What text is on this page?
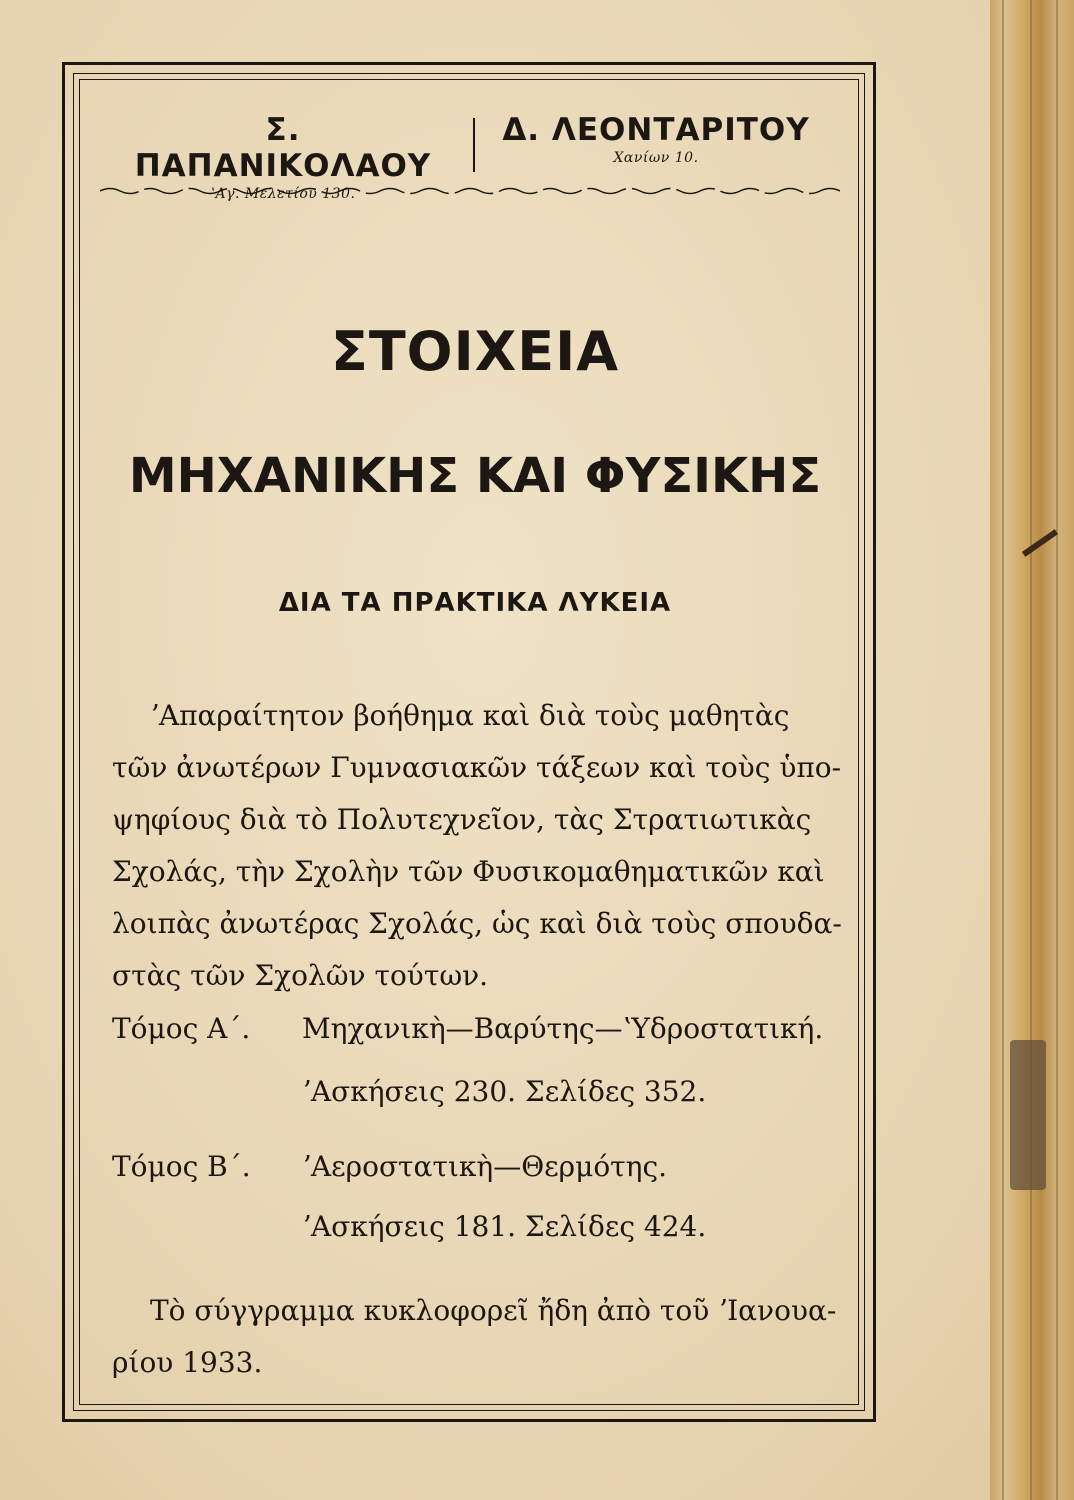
Σ. ΠΑΠΑΝΙΚΟΛΑΟΥ
ʽΑγ. Μελετίου 130.
Δ. ΛΕΟΝΤΑΡΙΤΟΥ
Χανίων 10.
ΣΤΟΙΧΕΙΑ
ΜΗΧΑΝΙΚΗΣ ΚΑΙ ΦΥΣΙΚΗΣ
ΔΙΑ ΤΑ ΠΡΑΚΤΙΚΑ ΛΥΚΕΙΑ
ʼΑπαραίτητον βοήθημα καὶ διὰ τοὺς μαθητὰς
τῶν ἀνωτέρων Γυμνασιακῶν τάξεων καὶ τοὺς ὑπο-
ψηφίους διὰ τὸ Πολυτεχνεῖον, τὰς Στρατιωτικὰς
Σχολάς, τὴν Σχολὴν τῶν Φυσικομαθηματικῶν καὶ
λοιπὰς ἀνωτέρας Σχολάς, ὡς καὶ διὰ τοὺς σπουδα-
στὰς τῶν Σχολῶν τούτων.
Τόμος Α΄. Μηχανικὴ—Βαρύτης—ʽΥδροστατική.
ʼΑσκήσεις 230. Σελίδες 352.
Τόμος Β΄. ʼΑεροστατικὴ—Θερμότης.
ʼΑσκήσεις 181. Σελίδες 424.
Τὸ σύγγραμμα κυκλοφορεῖ ἤδη ἀπὸ τοῦ ʼΙανουα-
ρίου 1933.
